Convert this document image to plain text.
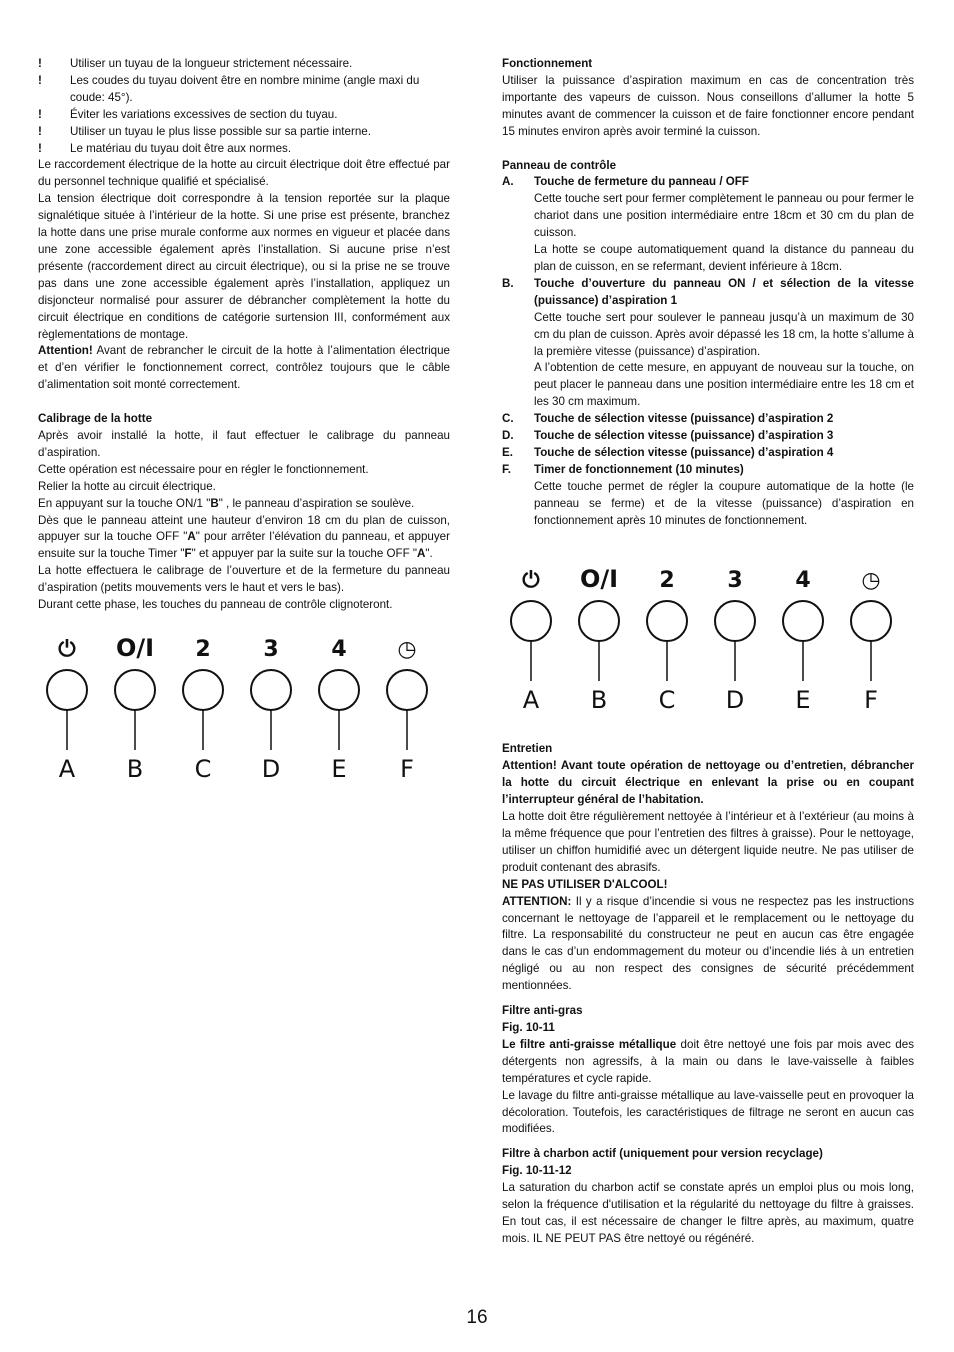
!	Utiliser un tuyau de la longueur strictement nécessaire.
!	Les coudes du tuyau doivent être en nombre minime (angle maxi du coude: 45°).
!	Éviter les variations excessives de section du tuyau.
!	Utiliser un tuyau le plus lisse possible sur sa partie interne.
!	Le matériau du tuyau doit être aux normes.

Le raccordement électrique de la hotte au circuit électrique doit être effectué par du personnel technique qualifié et spécialisé.

La tension électrique doit correspondre à la tension reportée sur la plaque signalétique située à l’intérieur de la hotte. Si une prise est présente, branchez la hotte dans une prise murale conforme aux normes en vigueur et placée dans une zone accessible également après l’installation. Si aucune prise n’est présente (raccordement direct au circuit électrique), ou si la prise ne se trouve pas dans une zone accessible également après l’installation, appliquez un disjoncteur normalisé pour assurer de débrancher complètement la hotte du circuit électrique en conditions de catégorie surtension III, conformément aux règlementations de montage.

Attention! Avant de rebrancher le circuit de la hotte à l’alimentation électrique et d’en vérifier le fonctionnement correct, contrôlez toujours que le câble d’alimentation soit monté correctement.

Calibrage de la hotte

Après avoir installé la hotte, il faut effectuer le calibrage du panneau d’aspiration.

Cette opération est nécessaire pour en régler le fonctionnement.

Relier la hotte au circuit électrique.

En appuyant sur la touche ON/1 "B" , le panneau d’aspiration se soulève.

Dès que le panneau atteint une hauteur d’environ 18 cm du plan de cuisson, appuyer sur la touche OFF "A" pour arrêter l’élévation du panneau, et appuyer ensuite sur la touche Timer "F" et appuyer par la suite sur la touche OFF "A".

La hotte effectuera le calibrage de l’ouverture et de la fermeture du panneau d’aspiration (petits mouvements vers le haut et vers le bas).

Durant cette phase, les touches du panneau de contrôle clignoteront.

⏻
A
O/I
B
2
C
3
D
4
E
◷
F

Fonctionnement

Utiliser la puissance d’aspiration maximum en cas de concentration très importante des vapeurs de cuisson. Nous conseillons d’allumer la hotte 5 minutes avant de commencer la cuisson et de faire fonctionner encore pendant 15 minutes environ après avoir terminé la cuisson.

Panneau de contrôle

A.	Touche de fermeture du panneau / OFF

Cette touche sert pour fermer complètement le panneau ou pour fermer le chariot dans une position intermédiaire entre 18cm et 30 cm du plan de cuisson.

La hotte se coupe automatiquement quand la distance du panneau du plan de cuisson, en se refermant, devient inférieure à 18cm.

B.	Touche d’ouverture du panneau ON / et sélection de la vitesse (puissance) d’aspiration 1

Cette touche sert pour soulever le panneau jusqu’à un maximum de 30 cm du plan de cuisson. Après avoir dépassé les 18 cm, la hotte s’allume à la première vitesse (puissance) d’aspiration.

A l’obtention de cette mesure, en appuyant de nouveau sur la touche, on peut placer le panneau dans une position intermédiaire entre les 18 cm et les 30 cm maximum.

C.	Touche de sélection vitesse (puissance) d’aspiration 2
D.	Touche de sélection vitesse (puissance) d’aspiration 3
E.	Touche de sélection vitesse (puissance) d’aspiration 4
F.	Timer de fonctionnement (10 minutes)

Cette touche permet de régler la coupure automatique de la hotte (le panneau se ferme) et de la vitesse (puissance) d’aspiration en fonctionnement après 10 minutes de fonctionnement.

⏻
A
O/I
B
2
C
3
D
4
E
◷
F

Entretien

Attention! Avant toute opération de nettoyage ou d’entretien, débrancher la hotte du circuit électrique en enlevant la prise ou en coupant l’interrupteur général de l’habitation.

La hotte doit être régulièrement nettoyée à l’intérieur et à l’extérieur (au moins à la même fréquence que pour l’entretien des filtres à graisse). Pour le nettoyage, utiliser un chiffon humidifié avec un détergent liquide neutre. Ne pas utiliser de produit contenant des abrasifs.

NE PAS UTILISER D'ALCOOL!

ATTENTION: Il y a risque d’incendie si vous ne respectez pas les instructions concernant le nettoyage de l’appareil et le remplacement ou le nettoyage du filtre. La responsabilité du constructeur ne peut en aucun cas être engagée dans le cas d’un endommagement du moteur ou d’incendie liés à un entretien négligé ou au non respect des consignes de sécurité précédemment mentionnées.

Filtre anti-gras

Fig. 10-11

Le filtre anti-graisse métallique doit être nettoyé une fois par mois avec des détergents non agressifs, à la main ou dans le lave-vaisselle à faibles températures et cycle rapide.

Le lavage du filtre anti-graisse métallique au lave-vaisselle peut en provoquer la décoloration. Toutefois, les caractéristiques de filtrage ne seront en aucun cas modifiées.

Filtre à charbon actif (uniquement pour version recyclage)

Fig. 10-11-12

La saturation du charbon actif se constate aprés un emploi plus ou mois long, selon la fréquence d'utilisation et la régularité du nettoyage du filtre à graisses. En tout cas, il est nécessaire de changer le filtre après, au maximum, quatre mois. IL NE PEUT PAS être nettoyé ou régénéré.

16
